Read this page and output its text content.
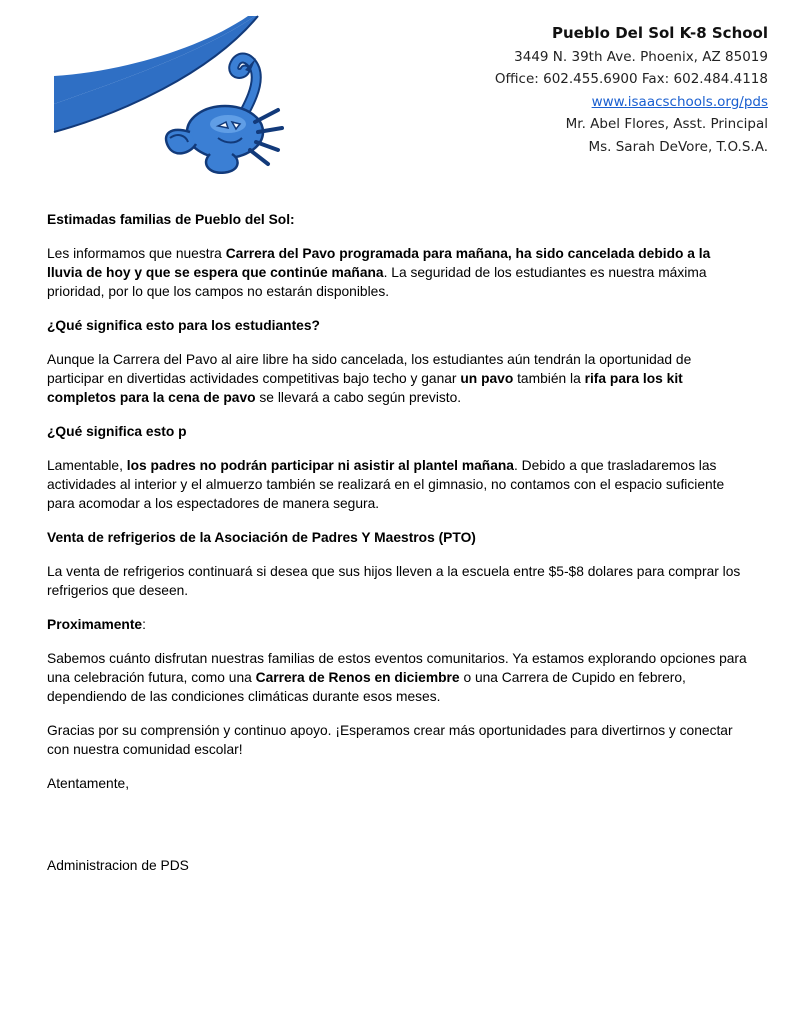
Pueblo Del Sol K-8 School
3449 N. 39th Ave. Phoenix, AZ 85019
Office: 602.455.6900 Fax: 602.484.4118
www.isaacschools.org/pds
Mr. Abel Flores, Asst. Principal
Ms. Sarah DeVore, T.O.S.A.

Estimadas familias de Pueblo del Sol:

Les informamos que nuestra Carrera del Pavo programada para mañana, ha sido cancelada debido a la lluvia de hoy y que se espera que continúe mañana. La seguridad de los estudiantes es nuestra máxima prioridad, por lo que los campos no estarán disponibles.

¿Qué significa esto para los estudiantes?

Aunque la Carrera del Pavo al aire libre ha sido cancelada, los estudiantes aún tendrán la oportunidad de participar en divertidas actividades competitivas bajo techo y ganar un pavo también la rifa para los kit completos para la cena de pavo se llevará a cabo según previsto.

¿Qué significa esto p

Lamentable, los padres no podrán participar ni asistir al plantel mañana. Debido a que trasladaremos las actividades al interior y el almuerzo también se realizará en el gimnasio, no contamos con el espacio suficiente para acomodar a los espectadores de manera segura.

Venta de refrigerios de la Asociación de Padres Y Maestros (PTO)

La venta de refrigerios continuará si desea que sus hijos lleven a la escuela entre $5-$8 dolares para comprar los refrigerios que deseen.

Proximamente:

Sabemos cuánto disfrutan nuestras familias de estos eventos comunitarios. Ya estamos explorando opciones para una celebración futura, como una Carrera de Renos en diciembre o una Carrera de Cupido en febrero, dependiendo de las condiciones climáticas durante esos meses.

Gracias por su comprensión y continuo apoyo. ¡Esperamos crear más oportunidades para divertirnos y conectar con nuestra comunidad escolar!

Atentamente,

Administracion de PDS
